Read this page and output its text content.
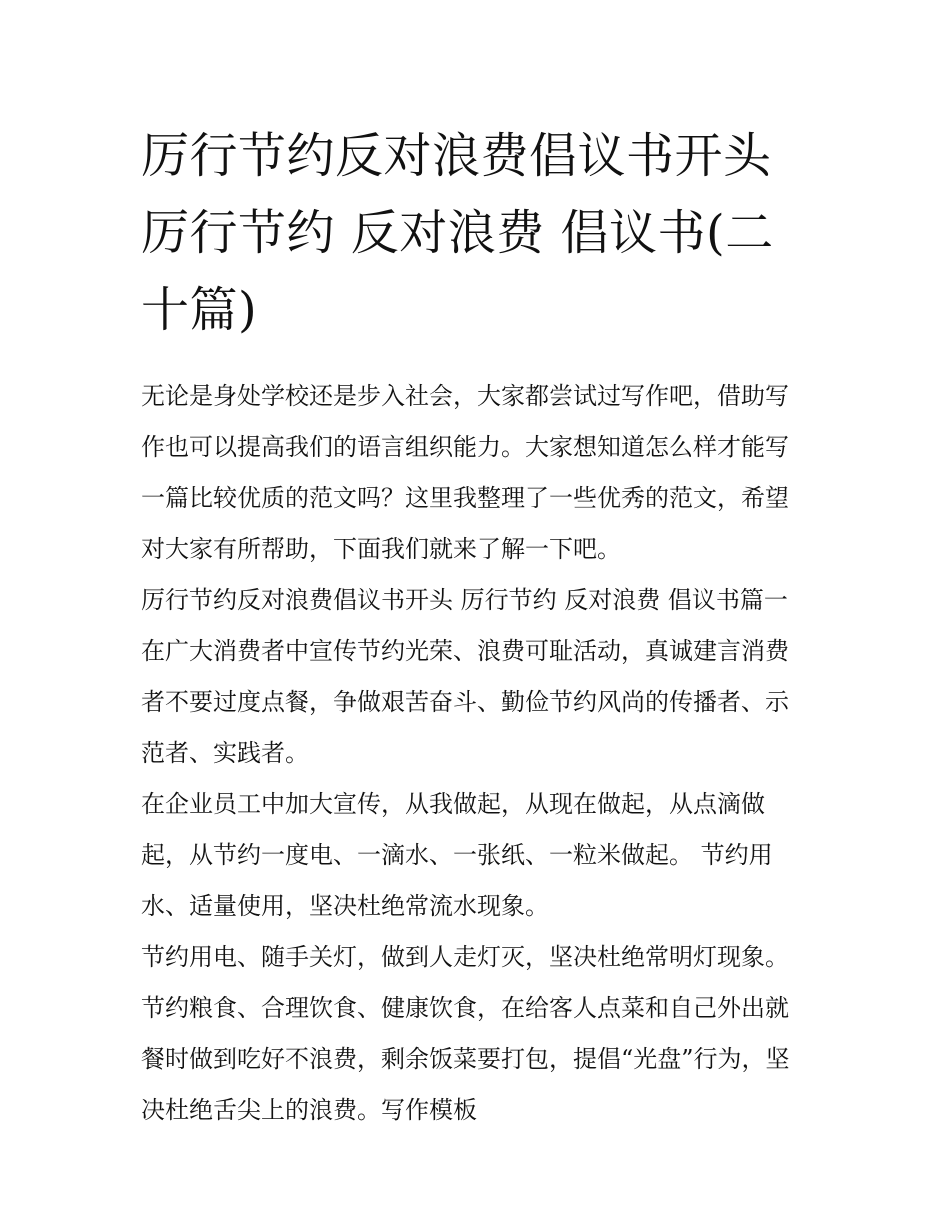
厉行节约反对浪费倡议书开头
厉行节约 反对浪费 倡议书(二
十篇)

无论是身处学校还是步入社会，大家都尝试过写作吧，借助写
作也可以提高我们的语言组织能力。大家想知道怎么样才能写
一篇比较优质的范文吗？这里我整理了一些优秀的范文，希望
对大家有所帮助，下面我们就来了解一下吧。

厉行节约反对浪费倡议书开头 厉行节约 反对浪费 倡议书篇一
在广大消费者中宣传节约光荣、浪费可耻活动，真诚建言消费
者不要过度点餐，争做艰苦奋斗、勤俭节约风尚的传播者、示
范者、实践者。

在企业员工中加大宣传，从我做起，从现在做起，从点滴做
起，从节约一度电、一滴水、一张纸、一粒米做起。 节约用
水、适量使用，坚决杜绝常流水现象。

节约用电、随手关灯，做到人走灯灭，坚决杜绝常明灯现象。

节约粮食、合理饮食、健康饮食，在给客人点菜和自己外出就
餐时做到吃好不浪费，剩余饭菜要打包，提倡“光盘”行为，坚
决杜绝舌尖上的浪费。写作模板
